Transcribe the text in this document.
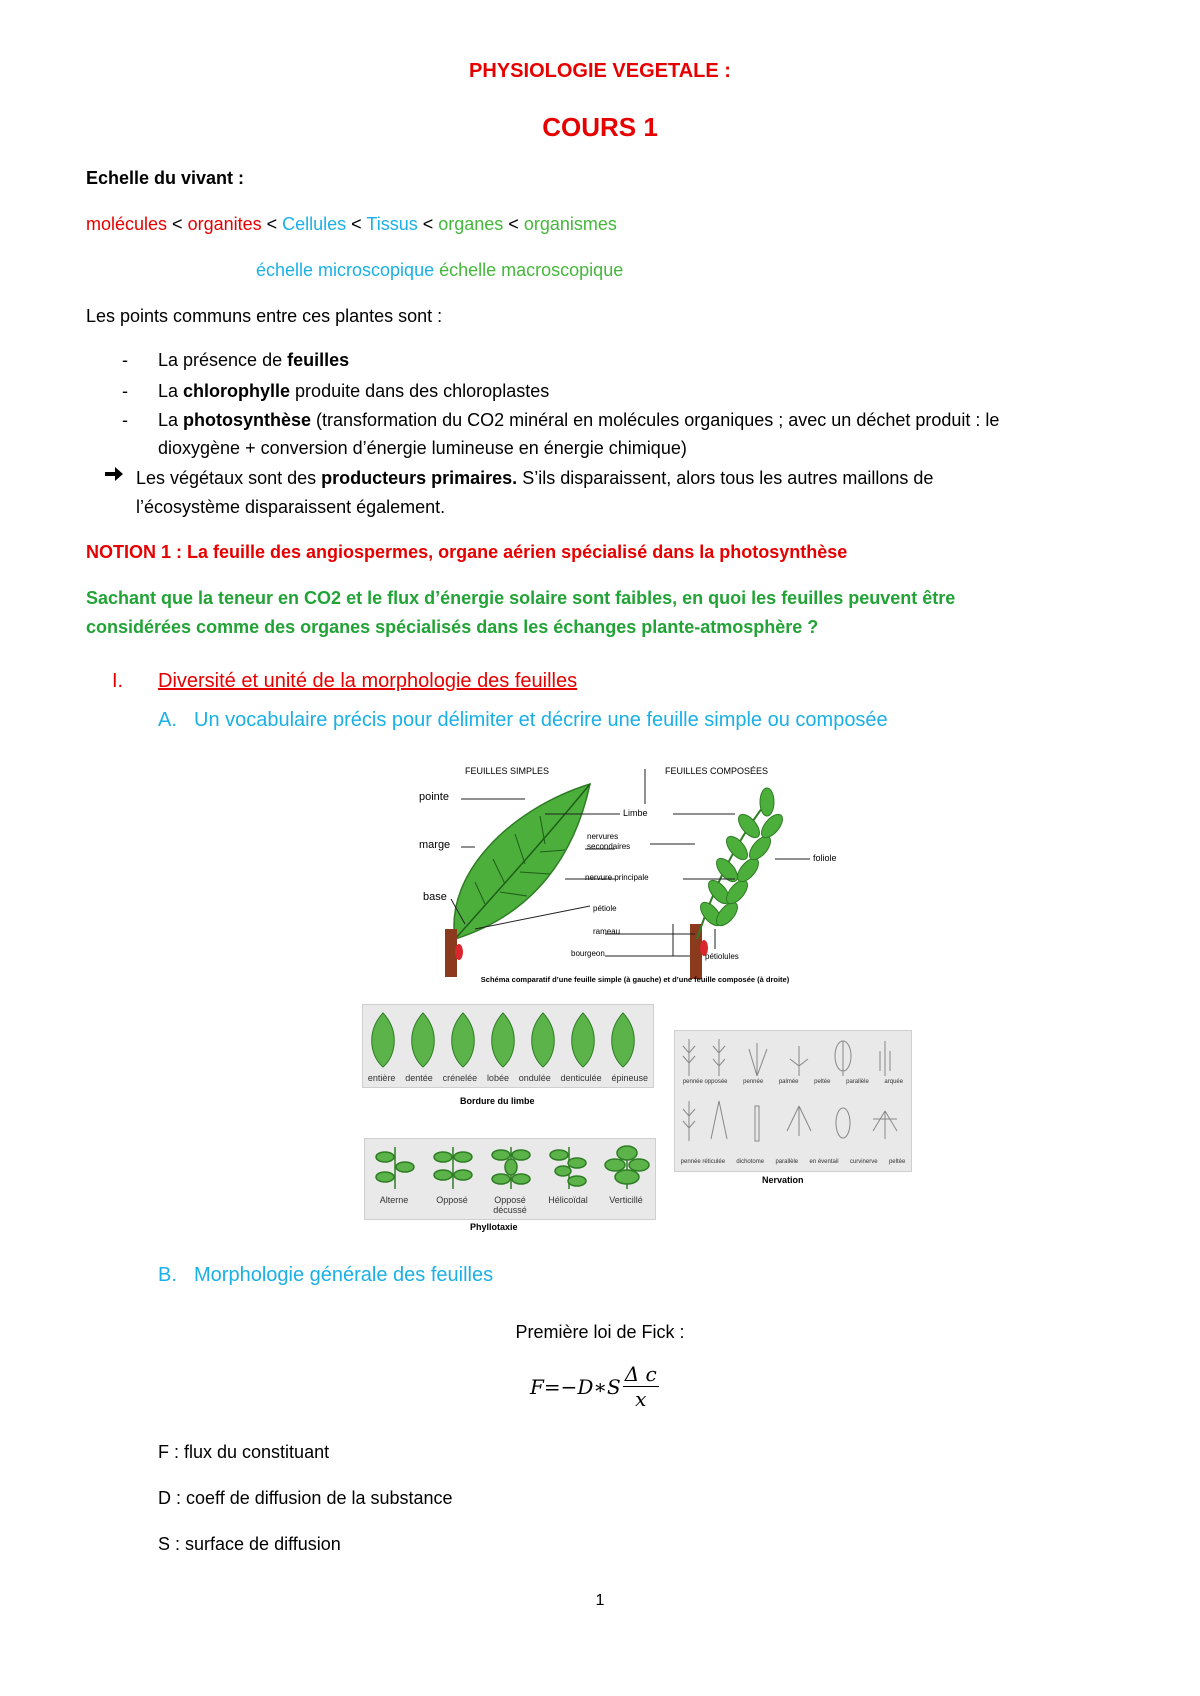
PHYSIOLOGIE VEGETALE :
COURS 1
Echelle du vivant :
molécules < organites < Cellules < Tissus < organes < organismes
échelle microscopique échelle macroscopique
Les points communs entre ces plantes sont :
- La présence de feuilles
- La chlorophylle produite dans des chloroplastes
- La photosynthèse (transformation du CO2 minéral en molécules organiques ; avec un déchet produit : le
dioxygène + conversion d’énergie lumineuse en énergie chimique)
Les végétaux sont des producteurs primaires. S’ils disparaissent, alors tous les autres maillons de
l’écosystème disparaissent également.
NOTION 1 : La feuille des angiospermes, organe aérien spécialisé dans la photosynthèse
Sachant que la teneur en CO2 et le flux d’énergie solaire sont faibles, en quoi les feuilles peuvent être
considérées comme des organes spécialisés dans les échanges plante-atmosphère ?
I. Diversité et unité de la morphologie des feuilles
A. Un vocabulaire précis pour délimiter et décrire une feuille simple ou composée
FEUILLES SIMPLES	FEUILLES COMPOSÉES
pointe
marge
base
Limbe
nervures
secondaires
nervure principale
pétiole
rameau
bourgeon
foliole
pétiolules
Schéma comparatif d’une feuille simple (à gauche) et d’une feuille composée (à droite)
entière dentée crénelée lobée ondulée denticulée épineuse
Bordure du limbe
pennée opposée	pennée	palmée	peltée	parallèle	arquée
pennée réticulée dichotome parallèle en éventail curvinerve peltée
Nervation
Alterne	Opposé	Opposé décussé
Hélicoïdal	Verticillé
Phyllotaxie
B. Morphologie générale des feuilles
Première loi de Fick :
F=−D∗S $\frac{\text{Δ c}}{x}$
F : flux du constituant
D : coeff de diffusion de la substance
S : surface de diffusion
1
